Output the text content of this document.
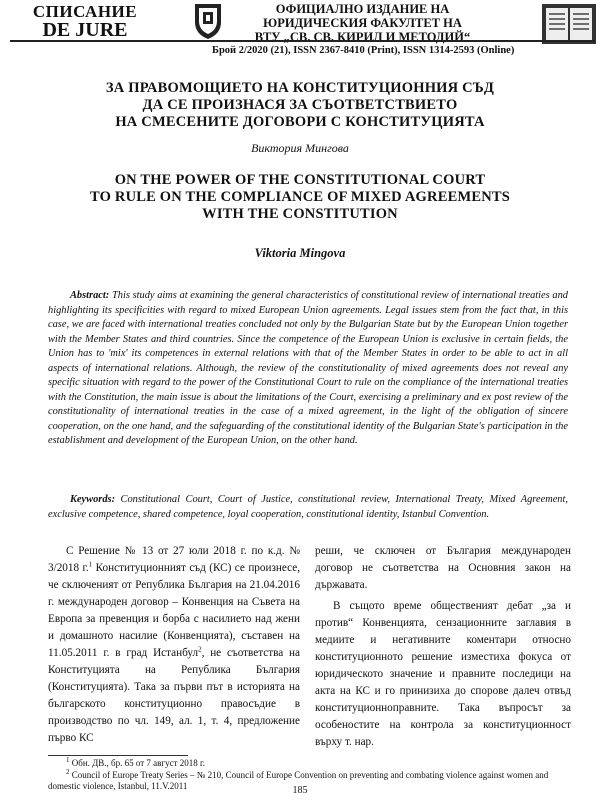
СПИСАНИЕ
DE JURE
ОФИЦИАЛНО ИЗДАНИЕ НА
ЮРИДИЧЕСКИЯ ФАКУЛТЕТ НА
ВТУ „СВ. СВ. КИРИЛ И МЕТОДИЙ“
Брой 2/2020 (21), ISSN 2367-8410 (Print), ISSN 1314-2593 (Online)
ЗА ПРАВОМОЩИЕТО НА КОНСТИТУЦИОННИЯ СЪД
ДА СЕ ПРОИЗНАСЯ ЗА СЪОТВЕТСТВИЕТО
НА СМЕСЕНИТЕ ДОГОВОРИ С КОНСТИТУЦИЯТА
Виктория Мингова
ON THE POWER OF THE CONSTITUTIONAL COURT
TO RULE ON THE COMPLIANCE OF MIXED AGREEMENTS
WITH THE CONSTITUTION
Viktoria Mingova
Abstract: This study aims at examining the general characteristics of constitutional review of international treaties and highlighting its specificities with regard to mixed European Union agreements. Legal issues stem from the fact that, in this case, we are faced with international treaties concluded not only by the Bulgarian State but by the European Union together with the Member States and third countries. Since the competence of the European Union is exclusive in certain fields, the Union has to 'mix' its competences in external relations with that of the Member States in order to be able to act in all aspects of international relations. Although, the review of the constitutionality of mixed agreements does not reveal any specific situation with regard to the power of the Constitutional Court to rule on the compliance of the international treaties with the Constitution, the main issue is about the limitations of the Court, exercising a preliminary and ex post review of the constitutionality of international treaties in the case of a mixed agreement, in the light of the obligation of sincere cooperation, on the one hand, and the safeguarding of the constitutional identity of the Bulgarian State's participation in the establishment and development of the European Union, on the other hand.
Keywords: Constitutional Court, Court of Justice, constitutional review, International Treaty, Mixed Agreement, exclusive competence, shared competence, loyal cooperation, constitutional identity, Istanbul Convention.

С Решение № 13 от 27 юли 2018 г. по к.д. № 3/2018 г.$^1$ Конституционният съд (КС) се произнесе, че сключеният от Република България на 21.04.2016 г. международен договор – Конвенция на Съвета на Европа за превенция и борба с насилието над жени и домашното насилие (Конвенцията), съставен на 11.05.2011 г. в град Истанбул$^2$, не съответства на Конституцията на Република България (Конституцията). Така за първи път в историята на българското конституционно правосъдие в производство по чл. 149, ал. 1, т. 4, предложение първо КС

реши, че сключен от България международен договор не съответства на Основния закон на държавата.

В същото време общественият дебат „за и против“ Конвенцията, сензационните заглавия в медиите и негативните коментари относно конституционното решение изместиха фокуса от юридическото значение и правните последици на акта на КС и го принизиха до спорове далеч отвъд конституционноправните. Така въпросът за особеностите на контрола за конституционност върху т. нар.

$^1$ Обн. ДВ., бр. 65 от 7 август 2018 г.
$^2$ Council of Europe Treaty Series – № 210, Council of Europe Convention on preventing and combating violence against women and domestic violence, Istanbul, 11.V.2011	185
